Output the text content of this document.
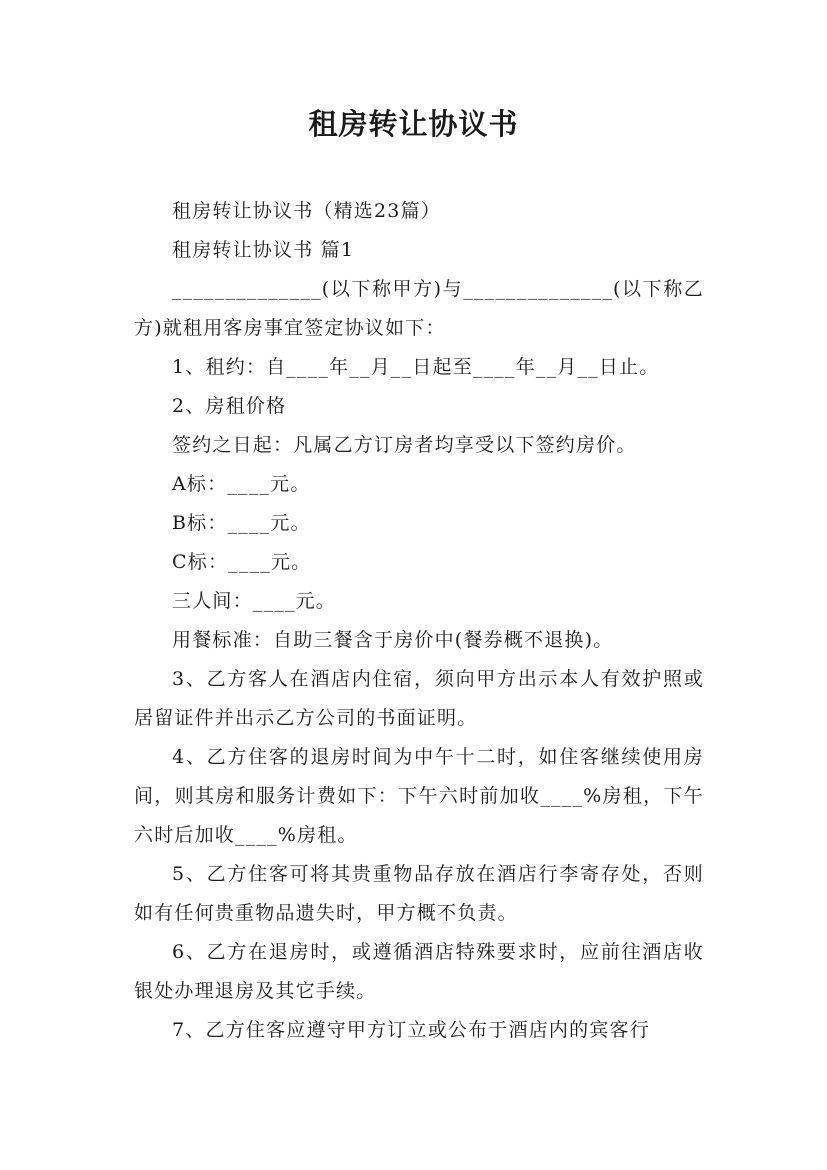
租房转让协议书

租房转让协议书（精选23篇）

租房转让协议书 篇1

______________(以下称甲方)与______________(以下称乙方)就租用客房事宜签定协议如下：

1、租约：自____年__月__日起至____年__月__日止。

2、房租价格

签约之日起：凡属乙方订房者均享受以下签约房价。

A标：____元。

B标：____元。

C标：____元。

三人间：____元。

用餐标准：自助三餐含于房价中(餐券概不退换)。

3、乙方客人在酒店内住宿，须向甲方出示本人有效护照或居留证件并出示乙方公司的书面证明。

4、乙方住客的退房时间为中午十二时，如住客继续使用房间，则其房和服务计费如下：下午六时前加收____%房租，下午六时后加收____%房租。

5、乙方住客可将其贵重物品存放在酒店行李寄存处，否则如有任何贵重物品遗失时，甲方概不负责。

6、乙方在退房时，或遵循酒店特殊要求时，应前往酒店收银处办理退房及其它手续。

7、乙方住客应遵守甲方订立或公布于酒店内的宾客行
